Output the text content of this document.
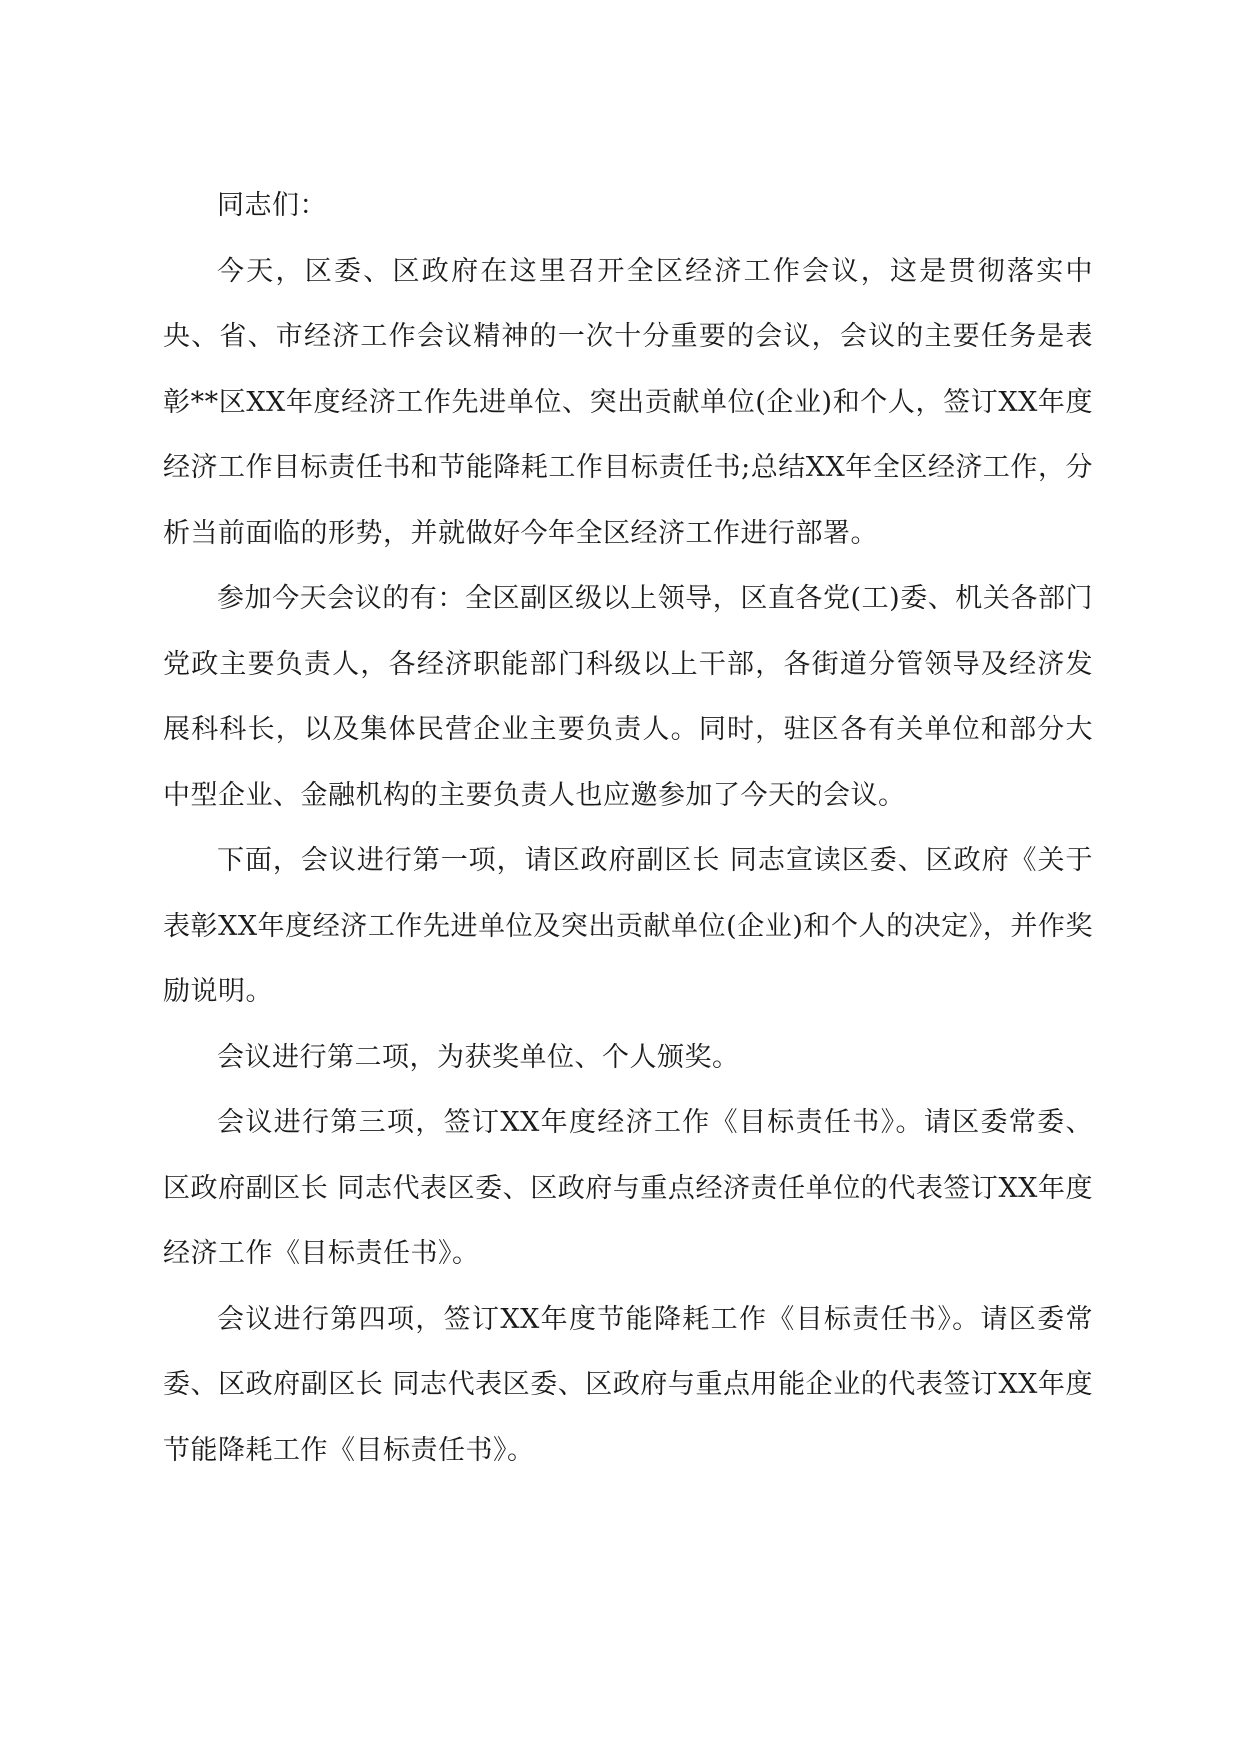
同志们：

今天，区委、区政府在这里召开全区经济工作会议，这是贯彻落实中央、省、市经济工作会议精神的一次十分重要的会议，会议的主要任务是表彰**区XX年度经济工作先进单位、突出贡献单位(企业)和个人，签订XX年度经济工作目标责任书和节能降耗工作目标责任书;总结XX年全区经济工作，分析当前面临的形势，并就做好今年全区经济工作进行部署。

参加今天会议的有：全区副区级以上领导，区直各党(工)委、机关各部门党政主要负责人，各经济职能部门科级以上干部，各街道分管领导及经济发展科科长，以及集体民营企业主要负责人。同时，驻区各有关单位和部分大中型企业、金融机构的主要负责人也应邀参加了今天的会议。

下面，会议进行第一项，请区政府副区长 同志宣读区委、区政府《关于表彰XX年度经济工作先进单位及突出贡献单位(企业)和个人的决定》，并作奖励说明。

会议进行第二项，为获奖单位、个人颁奖。

会议进行第三项，签订XX年度经济工作《目标责任书》。请区委常委、区政府副区长 同志代表区委、区政府与重点经济责任单位的代表签订XX年度经济工作《目标责任书》。

会议进行第四项，签订XX年度节能降耗工作《目标责任书》。请区委常委、区政府副区长 同志代表区委、区政府与重点用能企业的代表签订XX年度节能降耗工作《目标责任书》。
